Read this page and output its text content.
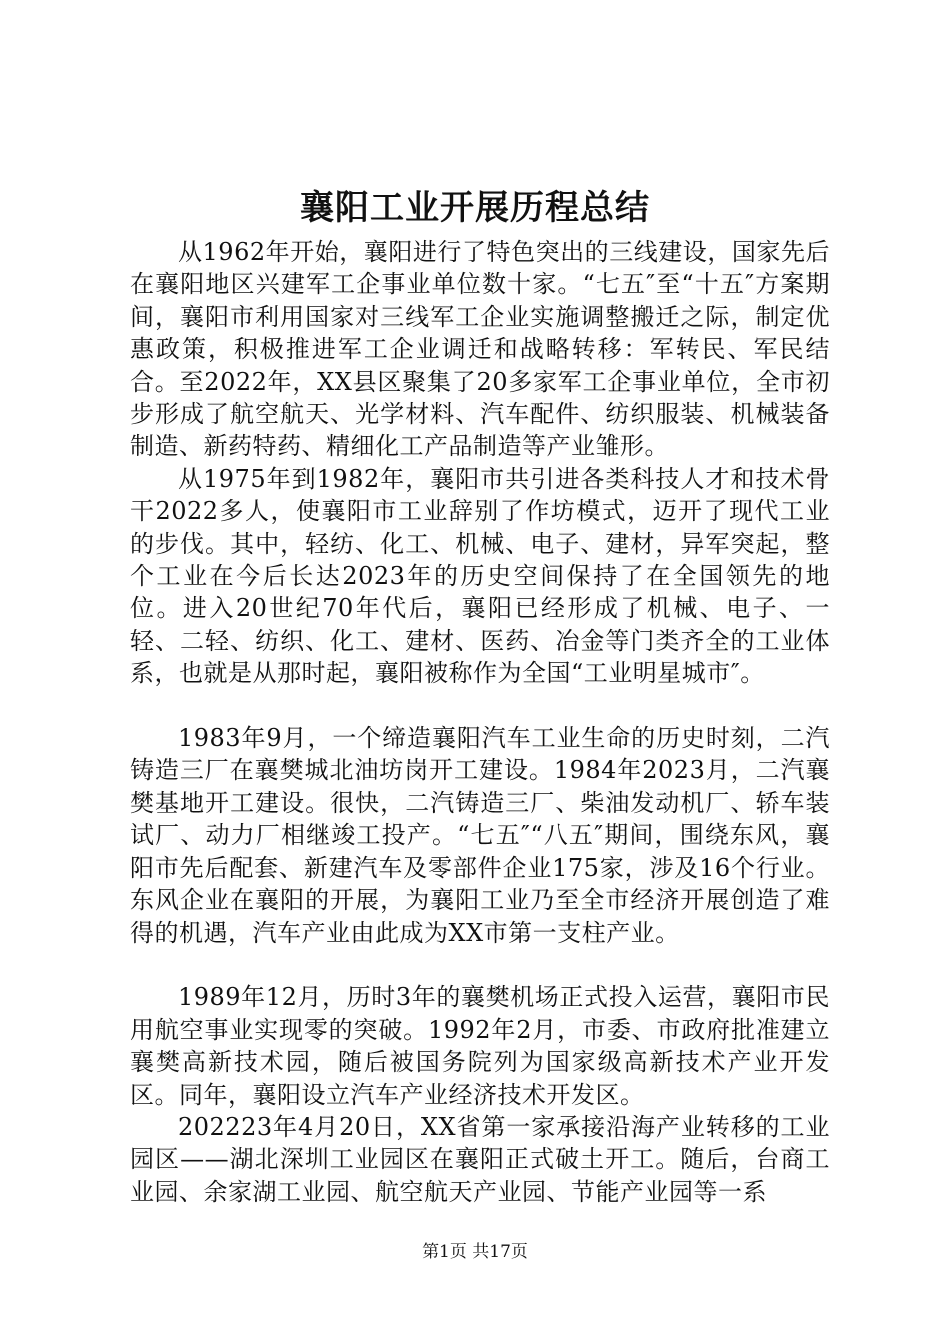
襄阳工业开展历程总结

从1962年开始，襄阳进行了特色突出的三线建设，国家先后在襄阳地区兴建军工企事业单位数十家。“七五″至“十五″方案期间，襄阳市利用国家对三线军工企业实施调整搬迁之际，制定优惠政策，积极推进军工企业调迁和战略转移：军转民、军民结合。至2022年，XX县区聚集了20多家军工企事业单位，全市初步形成了航空航天、光学材料、汽车配件、纺织服装、机械装备制造、新药特药、精细化工产品制造等产业雏形。

从1975年到1982年，襄阳市共引进各类科技人才和技术骨干2022多人，使襄阳市工业辞别了作坊模式，迈开了现代工业的步伐。其中，轻纺、化工、机械、电子、建材，异军突起，整个工业在今后长达2023年的历史空间保持了在全国领先的地位。进入20世纪70年代后，襄阳已经形成了机械、电子、一轻、二轻、纺织、化工、建材、医药、冶金等门类齐全的工业体系，也就是从那时起，襄阳被称作为全国“工业明星城市″。

1983年9月，一个缔造襄阳汽车工业生命的历史时刻，二汽铸造三厂在襄樊城北油坊岗开工建设。1984年2023月，二汽襄樊基地开工建设。很快，二汽铸造三厂、柴油发动机厂、轿车装试厂、动力厂相继竣工投产。“七五″“八五″期间，围绕东风，襄阳市先后配套、新建汽车及零部件企业175家，涉及16个行业。东风企业在襄阳的开展，为襄阳工业乃至全市经济开展创造了难得的机遇，汽车产业由此成为XX市第一支柱产业。

1989年12月，历时3年的襄樊机场正式投入运营，襄阳市民用航空事业实现零的突破。1992年2月，市委、市政府批准建立襄樊高新技术园，随后被国务院列为国家级高新技术产业开发区。同年，襄阳设立汽车产业经济技术开发区。

202223年4月20日，XX省第一家承接沿海产业转移的工业园区——湖北深圳工业园区在襄阳正式破土开工。随后，台商工业园、余家湖工业园、航空航天产业园、节能产业园等一系

第1页 共17页
